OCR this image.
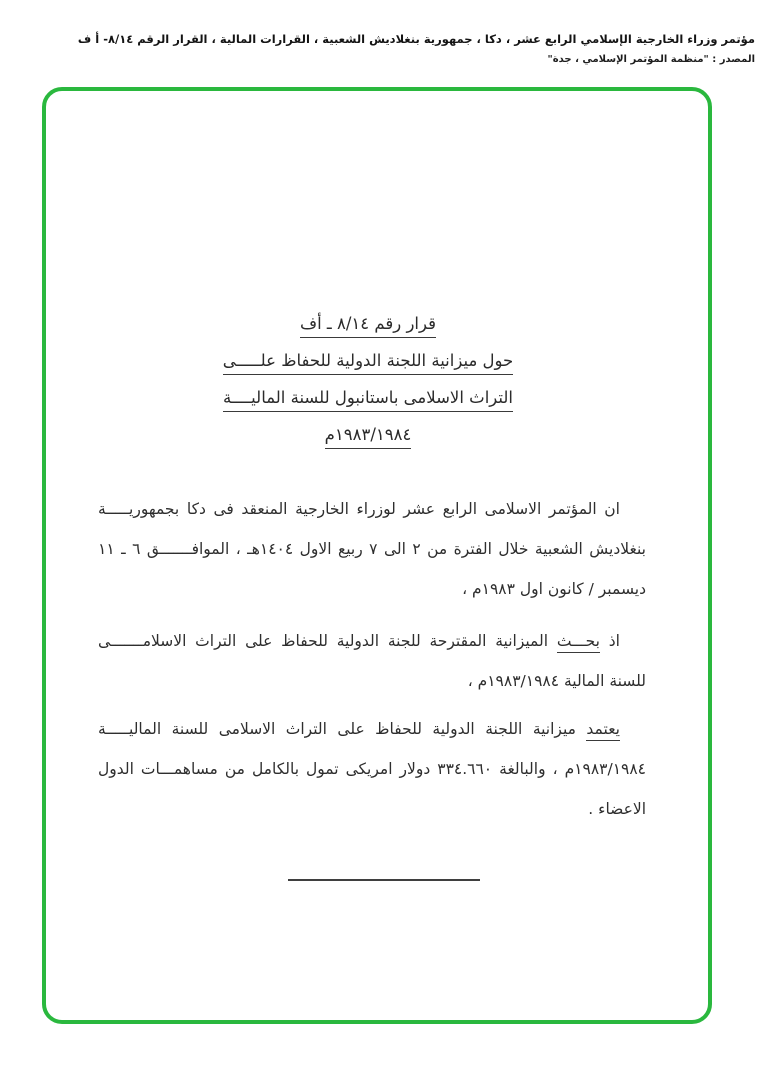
مؤتمر وزراء الخارجية الإسلامي الرابع عشر ، دكا ، جمهورية بنغلاديش الشعبية ، القرارات المالية ، القرار الرقم ٨/١٤- أ ف
المصدر : "منظمة المؤتمر الإسلامي ، جدة"
قرار رقم ٨/١٤ ـ أف
حول ميزانية اللجنة الدولية للحفاظ علـــــى
التراث الاسلامى باستانبول للسنة الماليــــة
١٩٨٣/١٩٨٤م
ان المؤتمر الاسلامى الرابع عشر لوزراء الخارجية المنعقد فى دكا بجمهوريـــــة بنغلاديش الشعبية خلال الفترة من ٢ الى ٧ ربيع الاول ١٤٠٤هـ ، الموافـــــــق ٦ ـ ١١ ديسمبر / كانون اول ١٩٨٣م ،
اذ بحـــث الميزانية المقترحة للجنة الدولية للحفاظ على التراث الاسلامـــــــى للسنة المالية ١٩٨٣/١٩٨٤م ،
يعتمد ميزانية اللجنة الدولية للحفاظ على التراث الاسلامى للسنة الماليـــــة ١٩٨٣/١٩٨٤م ، والبالغة ٣٣٤.٦٦٠ دولار امريكى تمول بالكامل من مساهمـــات الدول الاعضاء .
